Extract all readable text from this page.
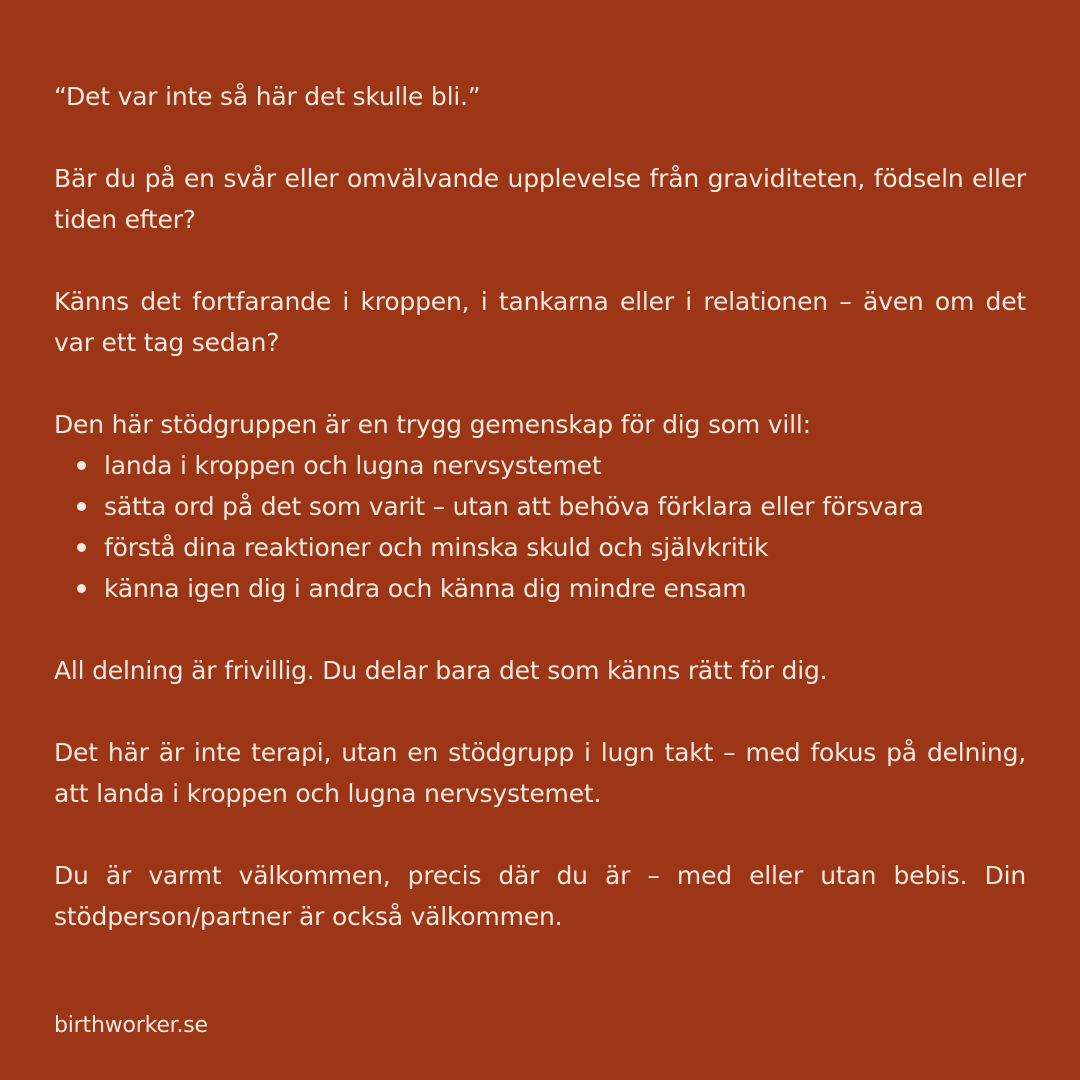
“Det var inte så här det skulle bli.”

Bär du på en svår eller omvälvande upplevelse från graviditeten, födseln eller tiden efter?

Känns det fortfarande i kroppen, i tankarna eller i relationen – även om det var ett tag sedan?

Den här stödgruppen är en trygg gemenskap för dig som vill:

landa i kroppen och lugna nervsystemet
sätta ord på det som varit – utan att behöva förklara eller försvara
förstå dina reaktioner och minska skuld och självkritik
känna igen dig i andra och känna dig mindre ensam

All delning är frivillig. Du delar bara det som känns rätt för dig.

Det här är inte terapi, utan en stödgrupp i lugn takt – med fokus på delning, att landa i kroppen och lugna nervsystemet.

Du är varmt välkommen, precis där du är – med eller utan bebis. Din stödperson/partner är också välkommen.

birthworker.se
